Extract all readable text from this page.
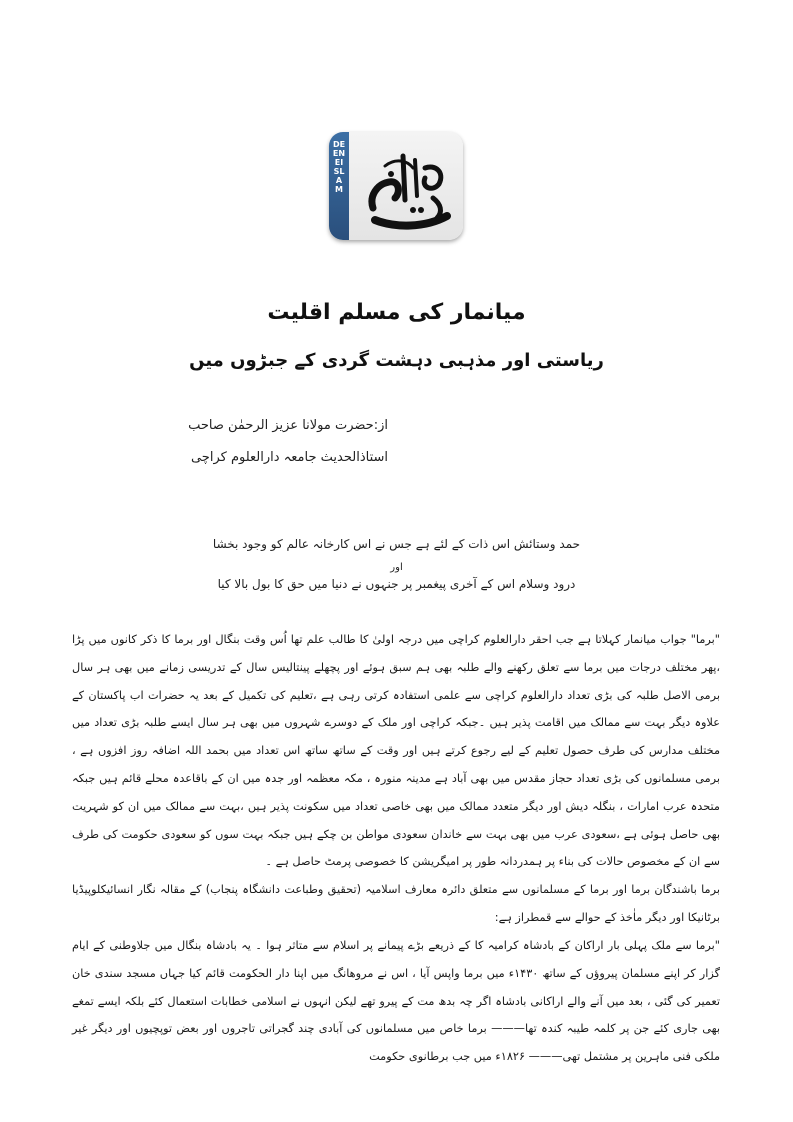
DEENEISLAM
میانمار کی مسلم اقلیت
ریاستی اور مذہبی دہشت گردی کے جبڑوں میں
از:حضرت مولانا عزیز الرحمٰن صاحب
استاذالحدیث جامعہ دارالعلوم کراچی
حمد وستائش اس ذات کے لئے ہے جس نے اس کارخانہ عالم کو وجود بخشا
اور
درود وسلام اس کے آخری پیغمبر پر جنہوں نے دنیا میں حق کا بول بالا کیا
"برما" جواب میانمار کہلاتا ہے جب احقر دارالعلوم کراچی میں درجہ اولیٰ کا طالب علم تھا اُس وقت بنگال اور برما کا ذکر کانوں میں پڑا ،پھر مختلف درجات میں برما سے تعلق رکھنے والے طلبہ بھی ہم سبق ہوئے اور پچھلے پینتالیس سال کے تدریسی زمانے میں بھی ہر سال برمی الاصل طلبہ کی بڑی تعداد دارالعلوم کراچی سے علمی استفادہ کرتی رہی ہے ،تعلیم کی تکمیل کے بعد یہ حضرات اب پاکستان کے علاوہ دیگر بہت سے ممالک میں اقامت پذیر ہیں ۔جبکہ کراچی اور ملک کے دوسرے شہروں میں بھی ہر سال ایسے طلبہ بڑی تعداد میں مختلف مدارس کی طرف حصول تعلیم کے لیے رجوع کرتے ہیں اور وقت کے ساتھ ساتھ اس تعداد میں بحمد اللہ اضافہ روز افزوں ہے ، برمی مسلمانوں کی بڑی تعداد حجاز مقدس میں بھی آباد ہے مدینہ منورہ ، مکہ معظمہ اور جدہ میں ان کے باقاعدہ محلے قائم ہیں جبکہ متحدہ عرب امارات ، بنگلہ دیش اور دیگر متعدد ممالک میں بھی خاصی تعداد میں سکونت پذیر ہیں ،بہت سے ممالک میں ان کو شہریت بھی حاصل ہوئی ہے ،سعودی عرب میں بھی بہت سے خاندان سعودی مواطن بن چکے ہیں جبکہ بہت سوں کو سعودی حکومت کی طرف سے ان کے مخصوص حالات کی بناء پر ہمدردانہ طور پر امیگریشن کا خصوصی پرمٹ حاصل ہے ۔
برما باشندگان برما اور برما کے مسلمانوں سے متعلق دائرہ معارف اسلامیہ (تحقیق وطباعت دانشگاہ پنجاب) کے مقالہ نگار انسائیکلوپیڈیا برٹانیکا اور دیگر ماٰخذ کے حوالے سے قمطراز ہے:
"برما سے ملک پہلی بار اراکان کے بادشاہ کرامیہ کا کے ذریعے بڑے پیمانے پر اسلام سے متاثر ہوا ۔ یہ بادشاہ بنگال میں جلاوطنی کے ایام گزار کر اپنے مسلمان پیروؤں کے ساتھ ۱۴۳۰ء میں برما واپس آیا ، اس نے مروھانگ میں اپنا دار الحکومت قائم کیا جہاں مسجد سندی خان تعمیر کی گئی ، بعد میں آنے والے اراکانی بادشاہ اگر چہ بدھ مت کے پیرو تھے لیکن انہوں نے اسلامی خطابات استعمال کئے بلکہ ایسے تمغے بھی جاری کئے جن پر کلمہ طیبہ کندہ تھا——— برما خاص میں مسلمانوں کی آبادی چند گجراتی تاجروں اور بعض توپچیوں اور دیگر غیر ملکی فنی ماہرین پر مشتمل تھی——— ۱۸۲۶ء میں جب برطانوی حکومت
